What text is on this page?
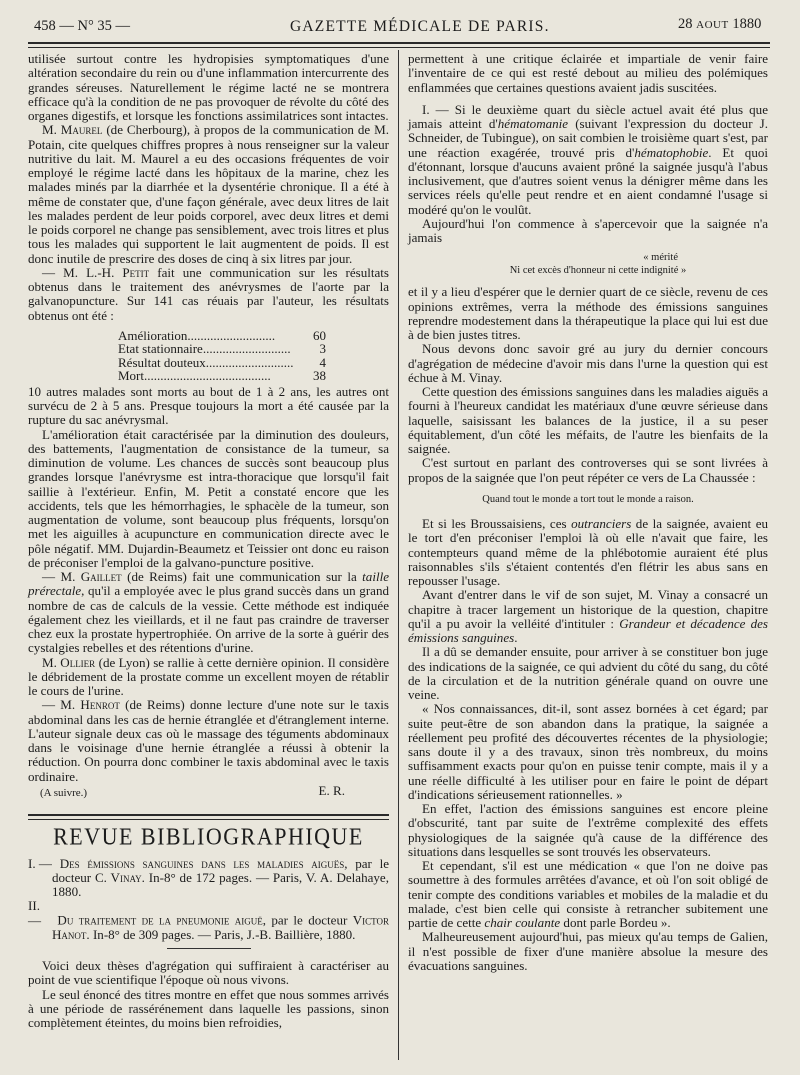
458 — N° 35 —	GAZETTE MÉDICALE DE PARIS.	28 AOUT 1880

utilisée surtout contre les hydropisies symptomatiques d'une altération secondaire du rein ou d'une inflammation intercurrente des grandes séreuses. Naturellement le régime lacté ne se montrera efficace qu'à la condition de ne pas provoquer de révolte du côté des organes digestifs, et lorsque les fonctions assimilatrices sont intactes.

M. Maurel (de Cherbourg), à propos de la communication de M. Potain, cite quelques chiffres propres à nous renseigner sur la valeur nutritive du lait. M. Maurel a eu des occasions fréquentes de voir employé le régime lacté dans les hôpitaux de la marine, chez les malades minés par la diarrhée et la dysentérie chronique. Il a été à même de constater que, d'une façon générale, avec deux litres de lait les malades perdent de leur poids corporel, avec deux litres et demi le poids corporel ne change pas sensiblement, avec trois litres et plus tous les malades qui supportent le lait augmentent de poids. Il est donc inutile de prescrire des doses de cinq à six litres par jour.

— M. L.-H. Petit fait une communication sur les résultats obtenus dans le traitement des anévrysmes de l'aorte par la galvanopuncture. Sur 141 cas réuais par l'auteur, les résultats obtenus ont été :

Amélioration...........................	60
Etat stationnaire...........................	3
Résultat douteux...........................	4
Mort.......................................	38

10 autres malades sont morts au bout de 1 à 2 ans, les autres ont survécu de 2 à 5 ans. Presque toujours la mort a été causée par la rupture du sac anévrysmal.

L'amélioration était caractérisée par la diminution des douleurs, des battements, l'augmentation de consistance de la tumeur, sa diminution de volume. Les chances de succès sont beaucoup plus grandes lorsque l'anévrysme est intra-thoracique que lorsqu'il fait saillie à l'extérieur. Enfin, M. Petit a constaté encore que les accidents, tels que les hémorrhagies, le sphacèle de la tumeur, son augmentation de volume, sont beaucoup plus fréquents, lorsqu'on met les aiguilles à acupuncture en communication directe avec le pôle négatif. MM. Dujardin-Beaumetz et Teissier ont donc eu raison de préconiser l'emploi de la galvano-puncture positive.

— M. Gaillet (de Reims) fait une communication sur la taille prérectale, qu'il a employée avec le plus grand succès dans un grand nombre de cas de calculs de la vessie. Cette méthode est indiquée également chez les vieillards, et il ne faut pas craindre de traverser chez eux la prostate hypertrophiée. On arrive de la sorte à guérir des cystalgies rebelles et des rétentions d'urine.

M. Ollier (de Lyon) se rallie à cette dernière opinion. Il considère le débridement de la prostate comme un excellent moyen de rétablir le cours de l'urine.

— M. Henrot (de Reims) donne lecture d'une note sur le taxis abdominal dans les cas de hernie étranglée et d'étranglement interne. L'auteur signale deux cas où le massage des téguments abdominaux dans le voisinage d'une hernie étranglée a réussi à obtenir la réduction. On pourra donc combiner le taxis abdominal avec le taxis ordinaire.

E. R.
(A suivre.)
REVUE BIBLIOGRAPHIQUE

I. — Des émissions sanguines dans les maladies aiguës, par le docteur C. Vinay. In-8° de 172 pages. — Paris, V. A. Delahaye, 1880.

II. — Du traitement de la pneumonie aiguë, par le docteur Victor Hanot. In-8° de 309 pages. — Paris, J.-B. Baillière, 1880.

Voici deux thèses d'agrégation qui suffiraient à caractériser au point de vue scientifique l'époque où nous vivons.

Le seul énoncé des titres montre en effet que nous sommes arrivés à une période de rassérénement dans laquelle les passions, sinon complètement éteintes, du moins bien refroidies,

permettent à une critique éclairée et impartiale de venir faire l'inventaire de ce qui est resté debout au milieu des polémiques enflammées que certaines questions avaient jadis suscitées.

I. — Si le deuxième quart du siècle actuel avait été plus que jamais atteint d'hématomanie (suivant l'expression du docteur J. Schneider, de Tubingue), on sait combien le troisième quart s'est, par une réaction exagérée, trouvé pris d'hématophobie. Et quoi d'étonnant, lorsque d'aucuns avaient prôné la saignée jusqu'à l'abus inclusivement, que d'autres soient venus la dénigrer même dans les services réels qu'elle peut rendre et en aient condamné l'usage si modéré qu'on le voulût.

Aujourd'hui l'on commence à s'apercevoir que la saignée n'a jamais

« mérité
Ni cet excès d'honneur ni cette indignité »

et il y a lieu d'espérer que le dernier quart de ce siècle, revenu de ces opinions extrêmes, verra la méthode des émissions sanguines reprendre modestement dans la thérapeutique la place qui lui est due à de bien justes titres.

Nous devons donc savoir gré au jury du dernier concours d'agrégation de médecine d'avoir mis dans l'urne la question qui est échue à M. Vinay.

Cette question des émissions sanguines dans les maladies aiguës a fourni à l'heureux candidat les matériaux d'une œuvre sérieuse dans laquelle, saisissant les balances de la justice, il a su peser équitablement, d'un côté les méfaits, de l'autre les bienfaits de la saignée.

C'est surtout en parlant des controverses qui se sont livrées à propos de la saignée que l'on peut répéter ce vers de La Chaussée :

Quand tout le monde a tort tout le monde a raison.

Et si les Broussaisiens, ces outranciers de la saignée, avaient eu le tort d'en préconiser l'emploi là où elle n'avait que faire, les contempteurs quand même de la phlébotomie auraient été plus raisonnables s'ils s'étaient contentés d'en flétrir les abus sans en repousser l'usage.

Avant d'entrer dans le vif de son sujet, M. Vinay a consacré un chapitre à tracer largement un historique de la question, chapitre qu'il a pu avoir la velléité d'intituler : Grandeur et décadence des émissions sanguines.

Il a dû se demander ensuite, pour arriver à se constituer bon juge des indications de la saignée, ce qui advient du côté du sang, du côté de la circulation et de la nutrition générale quand on ouvre une veine.

« Nos connaissances, dit-il, sont assez bornées à cet égard; par suite peut-être de son abandon dans la pratique, la saignée a réellement peu profité des découvertes récentes de la physiologie; sans doute il y a des travaux, sinon très nombreux, du moins suffisamment exacts pour qu'on en puisse tenir compte, mais il y a une réelle difficulté à les utiliser pour en faire le point de départ d'indications sérieusement rationnelles. »

En effet, l'action des émissions sanguines est encore pleine d'obscurité, tant par suite de l'extrême complexité des effets physiologiques de la saignée qu'à cause de la différence des situations dans lesquelles se sont trouvés les observateurs.

Et cependant, s'il est une médication « que l'on ne doive pas soumettre à des formules arrêtées d'avance, et où l'on soit obligé de tenir compte des conditions variables et mobiles de la maladie et du malade, c'est bien celle qui consiste à retrancher subitement une partie de cette chair coulante dont parle Bordeu ».

Malheureusement aujourd'hui, pas mieux qu'au temps de Galien, il n'est possible de fixer d'une manière absolue la mesure des évacuations sanguines.
